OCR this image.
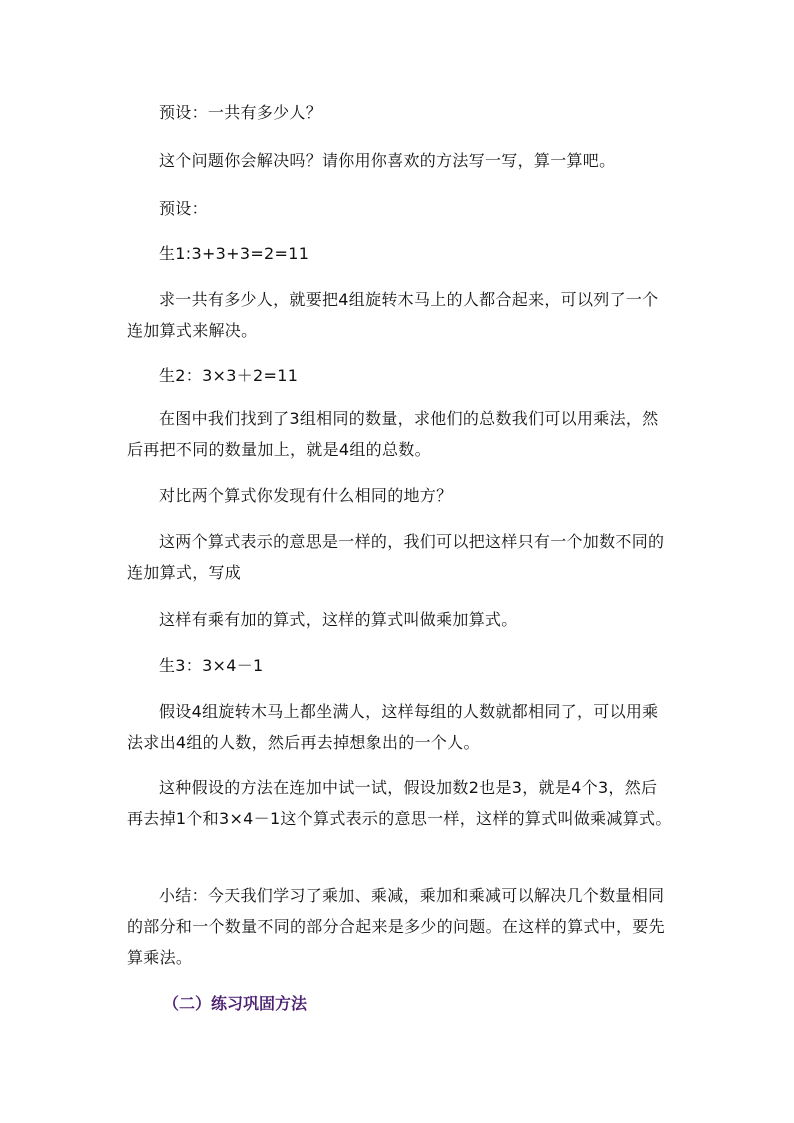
预设：一共有多少人？

这个问题你会解决吗？请你用你喜欢的方法写一写，算一算吧。

预设：

生1:3+3+3=2=11

求一共有多少人，就要把4组旋转木马上的人都合起来，可以列了一个连加算式来解决。

生2：3×3＋2=11

在图中我们找到了3组相同的数量，求他们的总数我们可以用乘法，然后再把不同的数量加上，就是4组的总数。

对比两个算式你发现有什么相同的地方？

这两个算式表示的意思是一样的，我们可以把这样只有一个加数不同的连加算式，写成

这样有乘有加的算式，这样的算式叫做乘加算式。

生3：3×4－1

假设4组旋转木马上都坐满人，这样每组的人数就都相同了，可以用乘法求出4组的人数，然后再去掉想象出的一个人。

这种假设的方法在连加中试一试，假设加数2也是3，就是4个3，然后再去掉1个和3×4－1这个算式表示的意思一样，这样的算式叫做乘减算式。

小结：今天我们学习了乘加、乘减，乘加和乘减可以解决几个数量相同的部分和一个数量不同的部分合起来是多少的问题。在这样的算式中，要先算乘法。

（二）练习巩固方法
